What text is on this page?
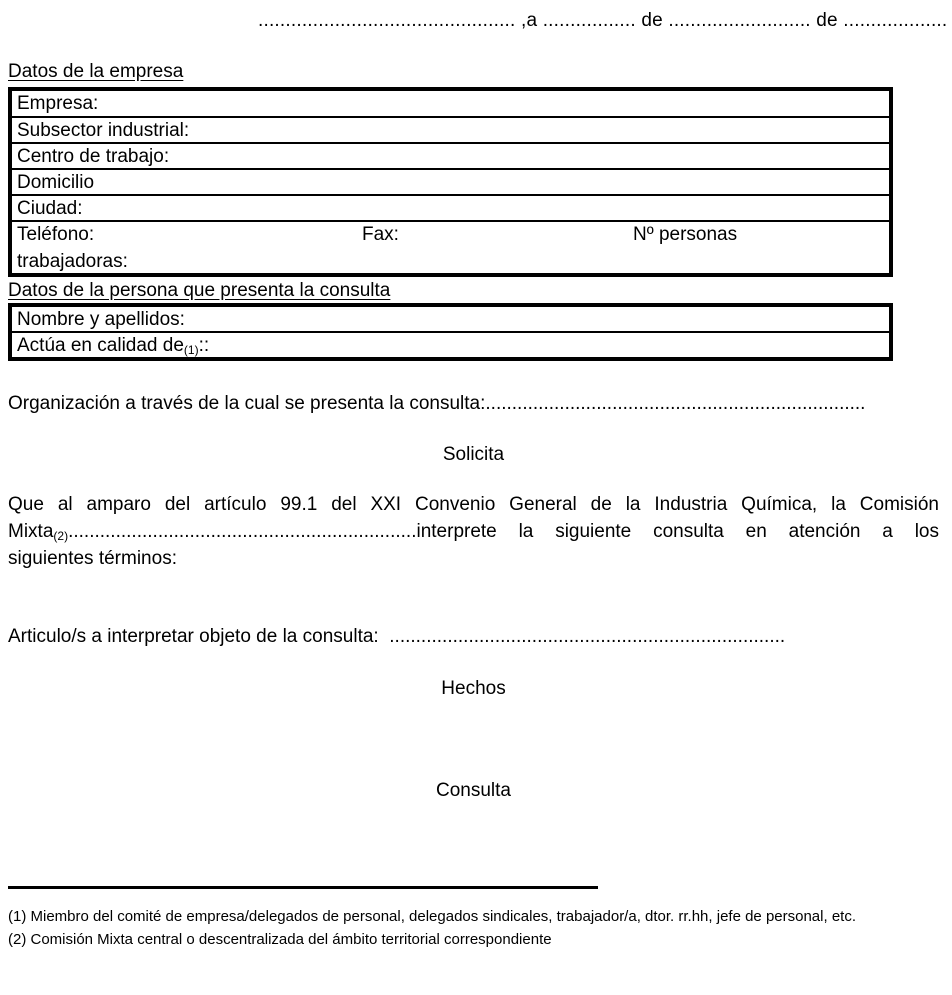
............................................... ,a ................. de .......................... de ...................
Datos de la empresa
Empresa:
Subsector industrial:
Centro de trabajo:
Domicilio
Ciudad:
Teléfono:	Fax:	Nº personas
trabajadoras:
Datos de la persona que presenta la consulta
Nombre y apellidos:
Actúa en calidad $de_{(1)}$::
Organización a través de la cual se presenta la consulta:........................................................................
Solicita
Que al amparo del artículo 99.1 del XXI Convenio General de la Industria Química, la Comisión
Mixta$_{(2)}$..................................................................interprete la siguiente consulta en atención a los
siguientes términos:
Articulo/s a interpretar objeto de la consulta:  ...........................................................................
Hechos
Consulta
(1) Miembro del comité de empresa/delegados de personal, delegados sindicales, trabajador/a, dtor. rr.hh, jefe de personal, etc.
(2) Comisión Mixta central o descentralizada del ámbito territorial correspondiente
